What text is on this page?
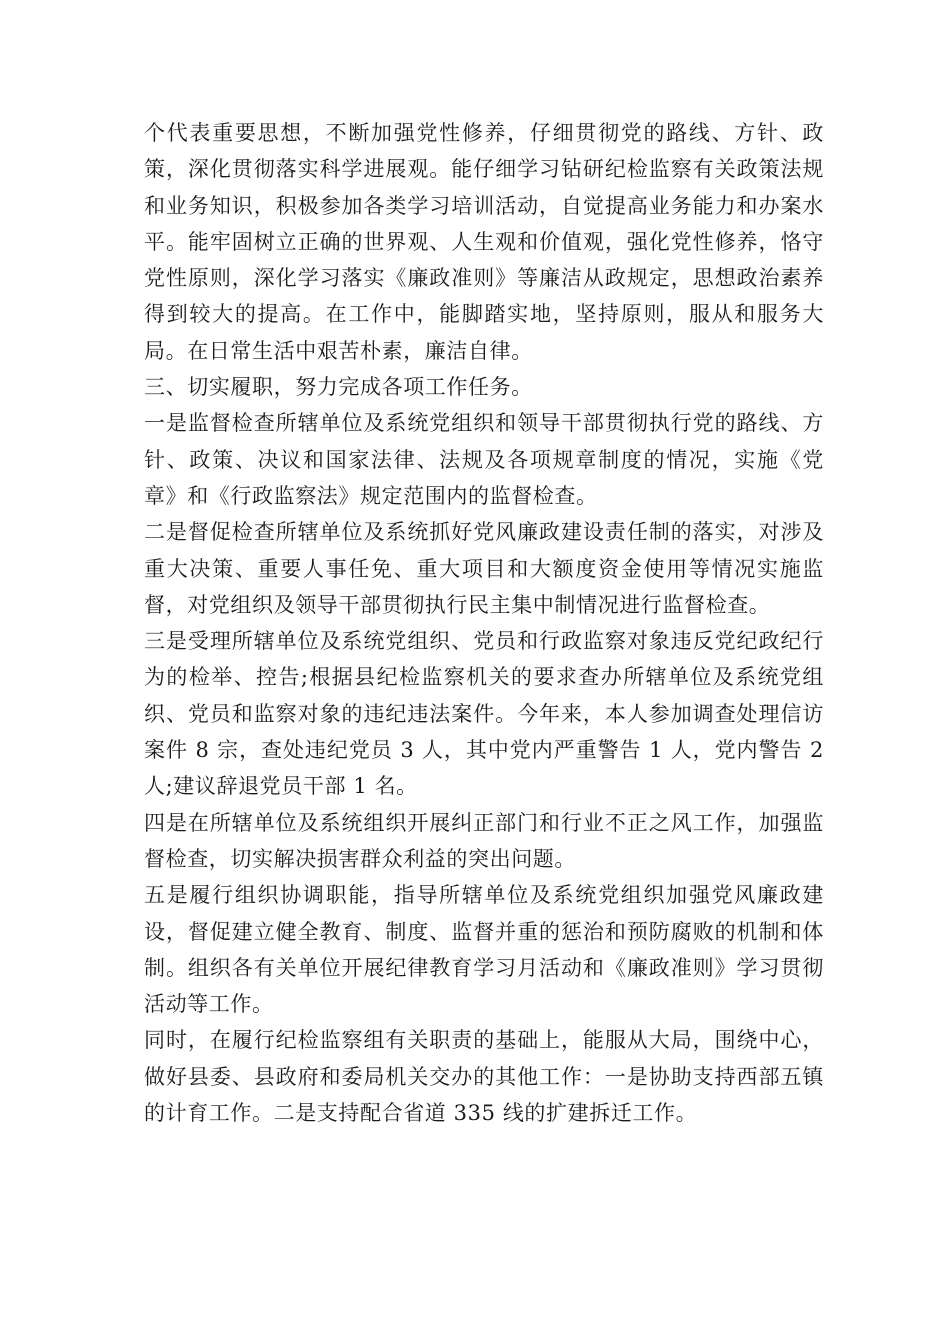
个代表重要思想，不断加强党性修养，仔细贯彻党的路线、方针、政策，深化贯彻落实科学进展观。能仔细学习钻研纪检监察有关政策法规和业务知识，积极参加各类学习培训活动，自觉提高业务能力和办案水平。能牢固树立正确的世界观、人生观和价值观，强化党性修养，恪守党性原则，深化学习落实《廉政准则》等廉洁从政规定，思想政治素养得到较大的提高。在工作中，能脚踏实地，坚持原则，服从和服务大局。在日常生活中艰苦朴素，廉洁自律。

三、切实履职，努力完成各项工作任务。

一是监督检查所辖单位及系统党组织和领导干部贯彻执行党的路线、方针、政策、决议和国家法律、法规及各项规章制度的情况，实施《党章》和《行政监察法》规定范围内的监督检查。

二是督促检查所辖单位及系统抓好党风廉政建设责任制的落实，对涉及重大决策、重要人事任免、重大项目和大额度资金使用等情况实施监督，对党组织及领导干部贯彻执行民主集中制情况进行监督检查。

三是受理所辖单位及系统党组织、党员和行政监察对象违反党纪政纪行为的检举、控告;根据县纪检监察机关的要求查办所辖单位及系统党组织、党员和监察对象的违纪违法案件。今年来，本人参加调查处理信访案件 8 宗，查处违纪党员 3 人，其中党内严重警告 1 人，党内警告 2 人;建议辞退党员干部 1 名。

四是在所辖单位及系统组织开展纠正部门和行业不正之风工作，加强监督检查，切实解决损害群众利益的突出问题。

五是履行组织协调职能，指导所辖单位及系统党组织加强党风廉政建设，督促建立健全教育、制度、监督并重的惩治和预防腐败的机制和体制。组织各有关单位开展纪律教育学习月活动和《廉政准则》学习贯彻活动等工作。

同时，在履行纪检监察组有关职责的基础上，能服从大局，围绕中心，做好县委、县政府和委局机关交办的其他工作：一是协助支持西部五镇的计育工作。二是支持配合省道 335 线的扩建拆迁工作。
